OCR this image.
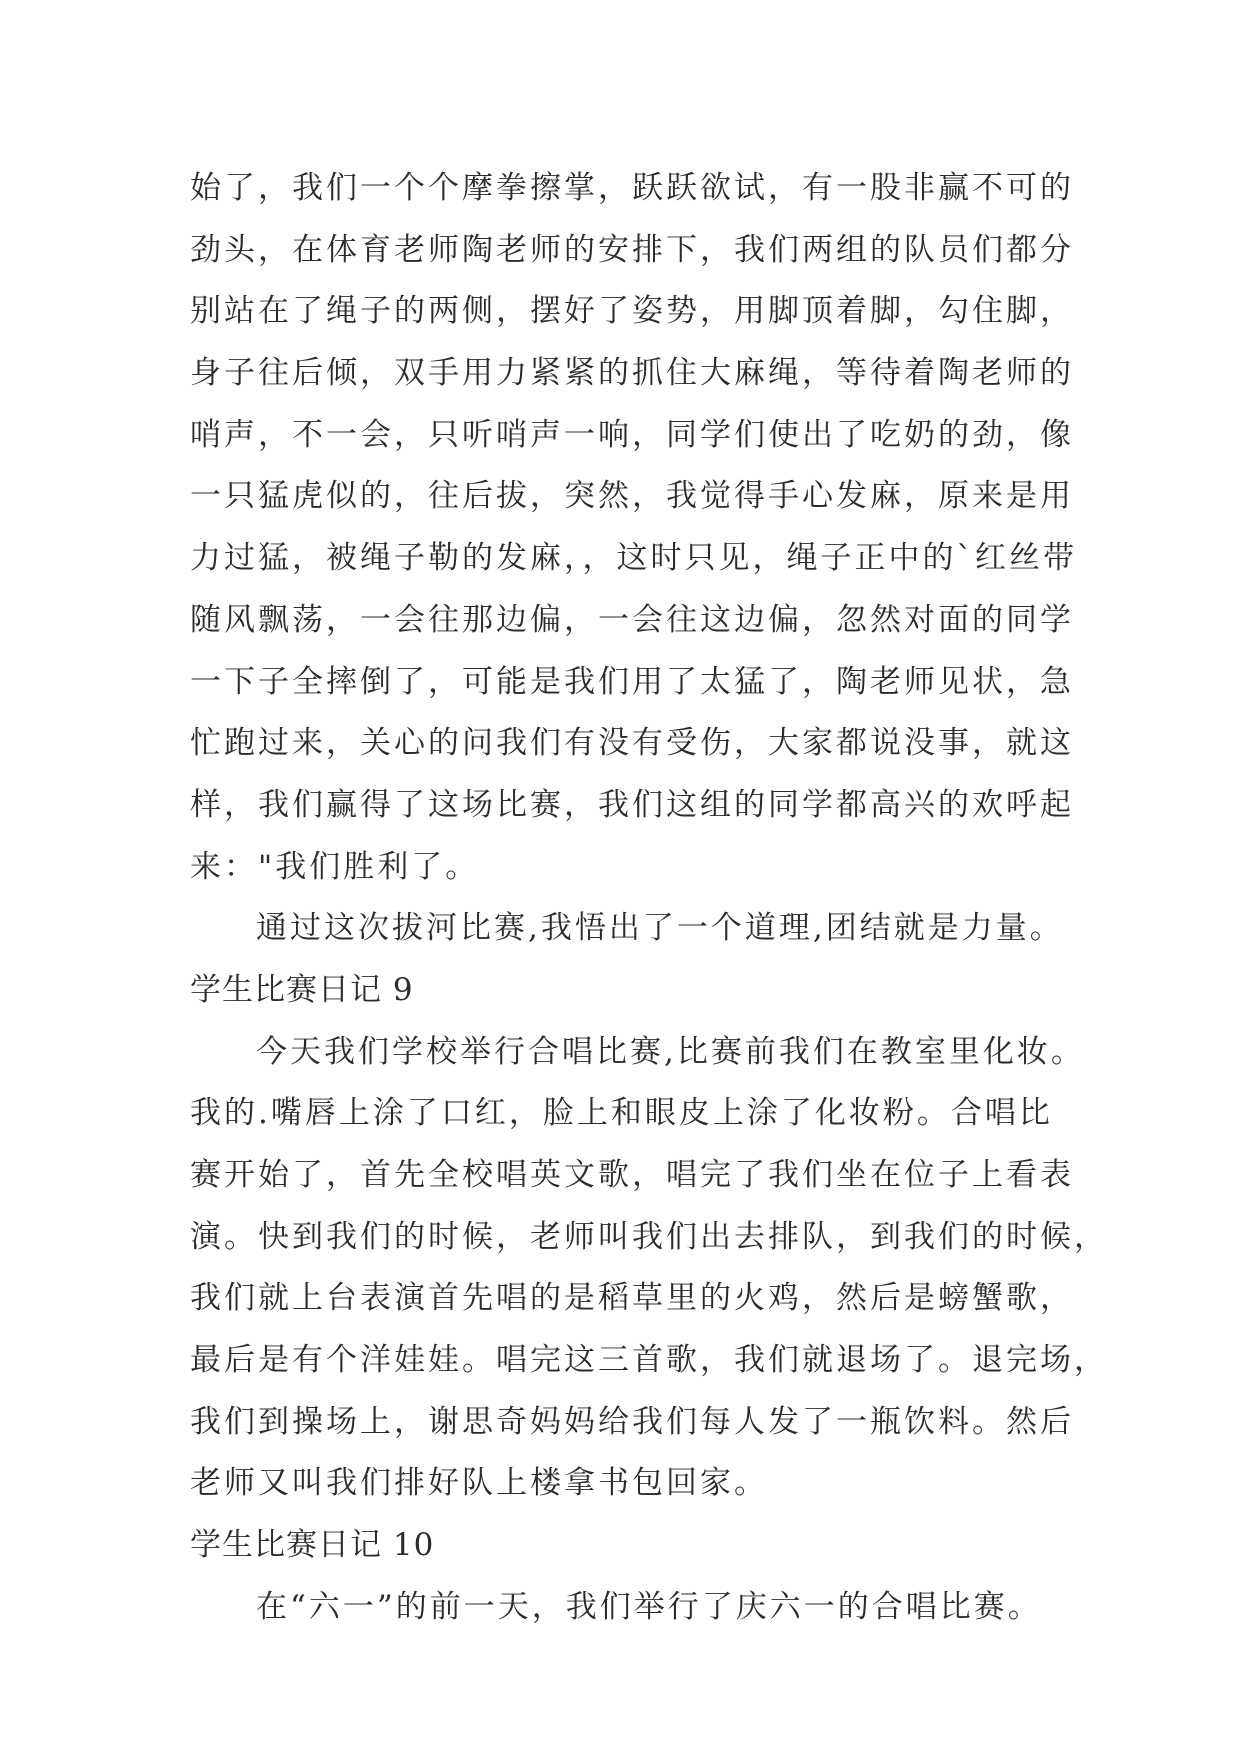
始了，我们一个个摩拳擦掌，跃跃欲试，有一股非赢不可的
劲头，在体育老师陶老师的安排下，我们两组的队员们都分
别站在了绳子的两侧，摆好了姿势，用脚顶着脚，勾住脚，
身子往后倾，双手用力紧紧的抓住大麻绳，等待着陶老师的
哨声，不一会，只听哨声一响，同学们使出了吃奶的劲，像
一只猛虎似的，往后拔，突然，我觉得手心发麻，原来是用
力过猛，被绳子勒的发麻，，这时只见，绳子正中的`红丝带
随风飘荡，一会往那边偏，一会往这边偏，忽然对面的同学
一下子全摔倒了，可能是我们用了太猛了，陶老师见状，急
忙跑过来，关心的问我们有没有受伤，大家都说没事，就这
样，我们赢得了这场比赛，我们这组的同学都高兴的欢呼起
来："我们胜利了。
通过这次拔河比赛,我悟出了一个道理,团结就是力量。
学生比赛日记 9
今天我们学校举行合唱比赛,比赛前我们在教室里化妆。
我的.嘴唇上涂了口红，脸上和眼皮上涂了化妆粉。合唱比
赛开始了，首先全校唱英文歌，唱完了我们坐在位子上看表
演。快到我们的时候，老师叫我们出去排队，到我们的时候，
我们就上台表演首先唱的是稻草里的火鸡，然后是螃蟹歌，
最后是有个洋娃娃。唱完这三首歌，我们就退场了。退完场，
我们到操场上，谢思奇妈妈给我们每人发了一瓶饮料。然后
老师又叫我们排好队上楼拿书包回家。
学生比赛日记 10
在“六一”的前一天，我们举行了庆六一的合唱比赛。
